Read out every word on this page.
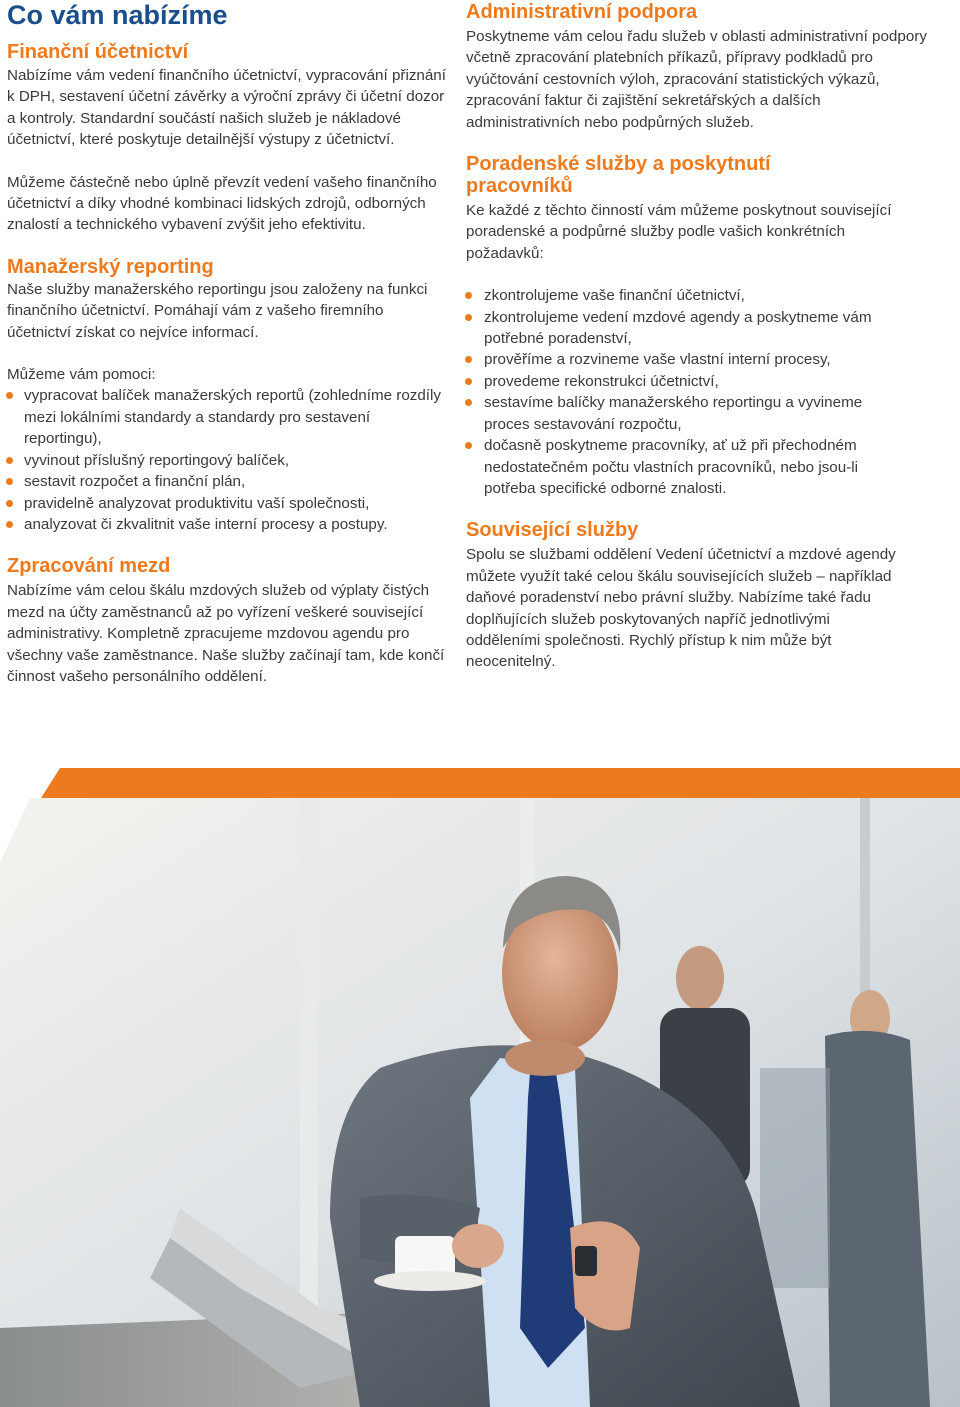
Co vám nabízíme
Finanční účetnictví

Nabízíme vám vedení finančního účetnictví, vypracování přiznání k DPH, sestavení účetní závěrky a výroční zprávy či účetní dozor a kontroly. Standardní součástí našich služeb je nákladové účetnictví, které poskytuje detailnější výstupy z účetnictví.

Můžeme částečně nebo úplně převzít vedení vašeho finančního účetnictví a díky vhodné kombinaci lidských zdrojů, odborných znalostí a technického vybavení zvýšit jeho efektivitu.

Manažerský reporting

Naše služby manažerského reportingu jsou založeny na funkci finančního účetnictví. Pomáhají vám z vašeho firemního účetnictví získat co nejvíce informací.

Můžeme vám pomoci:

vypracovat balíček manažerských reportů (zohledníme rozdíly mezi lokálními standardy a standardy pro sestavení reportingu),
vyvinout příslušný reportingový balíček,
sestavit rozpočet a finanční plán,
pravidelně analyzovat produktivitu vaší společnosti,
analyzovat či zkvalitnit vaše interní procesy a postupy.
Zpracování mezd

Nabízíme vám celou škálu mzdových služeb od výplaty čistých mezd na účty zaměstnanců až po vyřízení veškeré související administrativy. Kompletně zpracujeme mzdovou agendu pro všechny vaše zaměstnance. Naše služby začínají tam, kde končí činnost vašeho personálního oddělení.

Administrativní podpora

Poskytneme vám celou řadu služeb v oblasti administrativní podpory včetně zpracování platebních příkazů, přípravy podkladů pro vyúčtování cestovních výloh, zpracování statistických výkazů, zpracování faktur či zajištění sekretářských a dalších administrativních nebo podpůrných služeb.

Poradenské služby a poskytnutí pracovníků

Ke každé z těchto činností vám můžeme poskytnout související poradenské a podpůrné služby podle vašich konkrétních požadavků:

zkontrolujeme vaše finanční účetnictví,
zkontrolujeme vedení mzdové agendy a poskytneme vám potřebné poradenství,
prověříme a rozvineme vaše vlastní interní procesy,
provedeme rekonstrukci účetnictví,
sestavíme balíčky manažerského reportingu a vyvineme proces sestavování rozpočtu,
dočasně poskytneme pracovníky, ať už při přechodném nedostatečném počtu vlastních pracovníků, nebo jsou-li potřeba specifické odborné znalosti.
Související služby

Spolu se službami oddělení Vedení účetnictví a mzdové agendy můžete využít také celou škálu souvisejících služeb – například daňové poradenství nebo právní služby. Nabízíme také řadu doplňujících služeb poskytovaných napříč jednotlivými odděleními společnosti. Rychlý přístup k nim může být neocenitelný.
